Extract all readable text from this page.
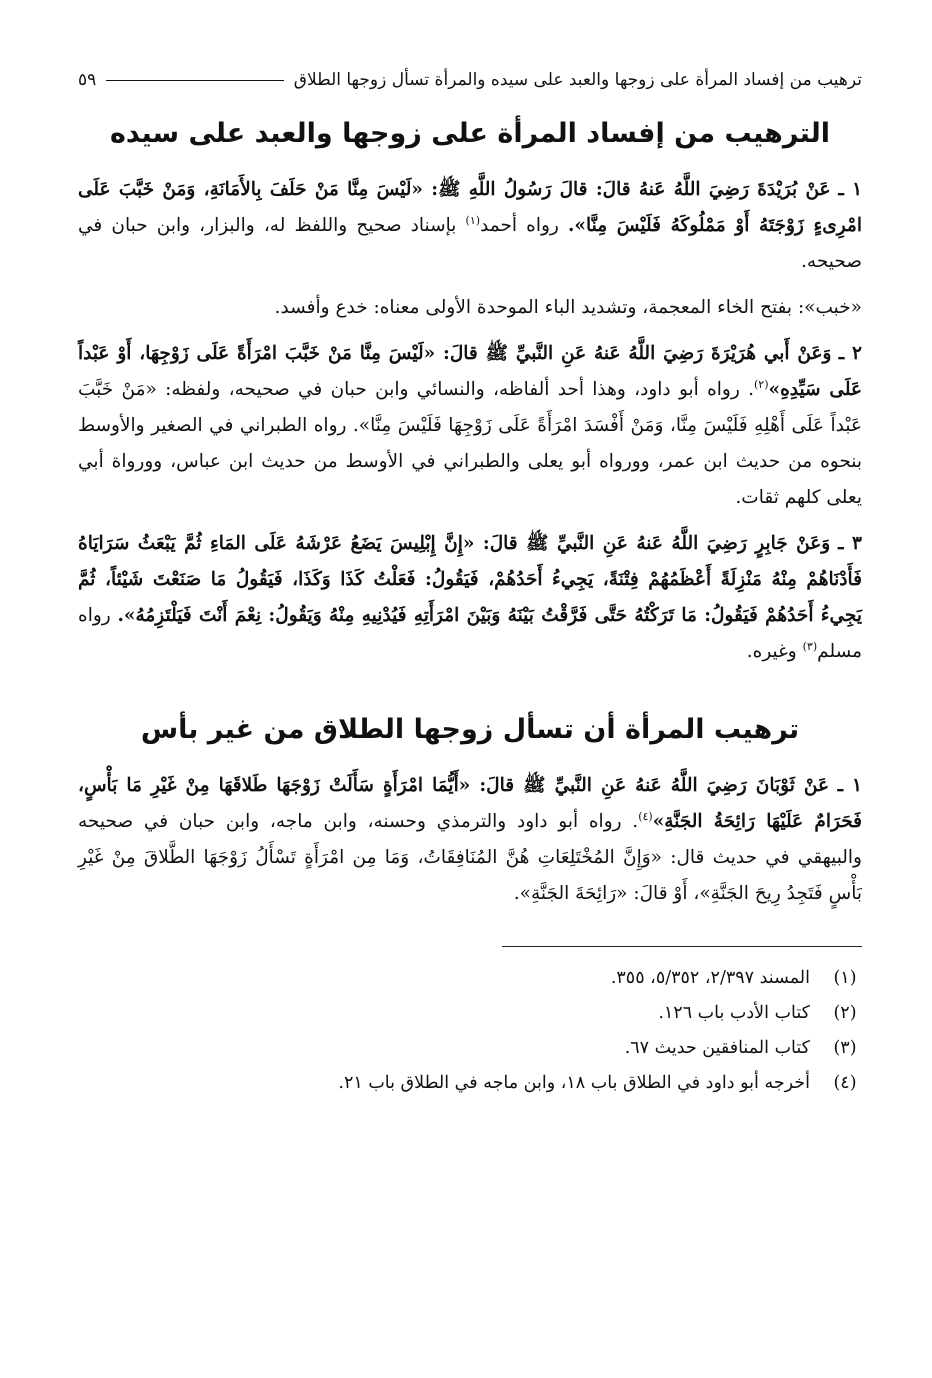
ترهيب من إفساد المرأة على زوجها والعبد على سيده والمرأة تسأل زوجها الطلاق
٥٩
الترهيب من إفساد المرأة على زوجها والعبد على سيده

١ ـ عَنْ بُرَيْدَةَ رَضِيَ اللَّهُ عَنهُ قالَ: قالَ رَسُولُ اللَّهِ ﷺ: «لَيْسَ مِنَّا مَنْ حَلَفَ بِالأَمَانَةِ، وَمَنْ خَبَّبَ عَلَى امْرِىءٍ زَوْجَتَهُ أَوْ مَمْلُوكَهُ فَلَيْسَ مِنَّا». رواه أحمد$^{(١)}$ بإسناد صحيح واللفظ له، والبزار، وابن حبان في صحيحه.

«خبب»: بفتح الخاء المعجمة، وتشديد الباء الموحدة الأولى معناه: خدع وأفسد.

٢ ـ وَعَنْ أَبي هُرَيْرَةَ رَضِيَ اللَّهُ عَنهُ عَنِ النَّبيِّ ﷺ قالَ: «لَيْسَ مِنَّا مَنْ خَبَّبَ امْرَأَةً عَلَى زَوْجِهَا، أَوْ عَبْداً عَلَى سَيِّدِهِ»$^{(٢)}$. رواه أبو داود، وهذا أحد ألفاظه، والنسائي وابن حبان في صحيحه، ولفظه: «مَنْ خَبَّبَ عَبْداً عَلَى أَهْلِهِ فَلَيْسَ مِنَّا، وَمَنْ أَفْسَدَ امْرَأَةً عَلَى زَوْجِهَا فَلَيْسَ مِنَّا». رواه الطبراني في الصغير والأوسط بنحوه من حديث ابن عمر، وورواه أبو يعلى والطبراني في الأوسط من حديث ابن عباس، وورواة أبي يعلى كلهم ثقات.

٣ ـ وَعَنْ جَابِرٍ رَضِيَ اللَّهُ عَنهُ عَنِ النَّبيِّ ﷺ قالَ: «إِنَّ إِبْلِيسَ يَضَعُ عَرْشَهُ عَلَى المَاءِ ثُمَّ يَبْعَثُ سَرَايَاهُ فَأَدْنَاهُمْ مِنْهُ مَنْزِلَةً أَعْظَمُهُمْ فِتْنَةً، يَجِيءُ أَحَدُهُمْ، فَيَقُولُ: فَعَلْتُ كَذَا وَكَذَا، فَيَقُولُ مَا صَنَعْتَ شَيْئاً، ثُمَّ يَجِيءُ أَحَدُهُمْ فَيَقُولُ: مَا تَرَكْتُهُ حَتَّى فَرَّقْتُ بَيْنَهُ وَبَيْنَ امْرَأَتِهِ فَيُدْنِيهِ مِنْهُ وَيَقُولُ: نِعْمَ أَنْتَ فَيَلْتَزِمُهُ». رواه مسلم$^{(٣)}$ وغيره.

ترهيب المرأة أن تسأل زوجها الطلاق من غير بأس

١ ـ عَنْ ثَوْبَانَ رَضِيَ اللَّهُ عَنهُ عَنِ النَّبيِّ ﷺ قالَ: «أَيُّمَا امْرَأَةٍ سَأَلَتْ زَوْجَهَا طَلاقَهَا مِنْ غَيْرِ مَا بَأْسٍ، فَحَرَامٌ عَلَيْهَا رَائِحَةُ الجَنَّةِ»$^{(٤)}$. رواه أبو داود والترمذي وحسنه، وابن ماجه، وابن حبان في صحيحه والبيهقي في حديث قال: «وَإِنَّ المُخْتَلِعَاتِ هُنَّ المُنَافِقَاتُ، وَمَا مِن امْرَأَةٍ تَسْأَلُ زَوْجَهَا الطَّلاقَ مِنْ غَيْرِ بَأْسٍ فَتَجِدُ رِيحَ الجَنَّةِ»، أَوْ قالَ: «رَائِحَةَ الجَنَّةِ».

(١)
المسند ٢/٣٩٧، ٥/٣٥٢، ٣٥٥.
(٢)
كتاب الأدب باب ١٢٦.
(٣)
كتاب المنافقين حديث ٦٧.
(٤)
أخرجه أبو داود في الطلاق باب ١٨، وابن ماجه في الطلاق باب ٢١.
